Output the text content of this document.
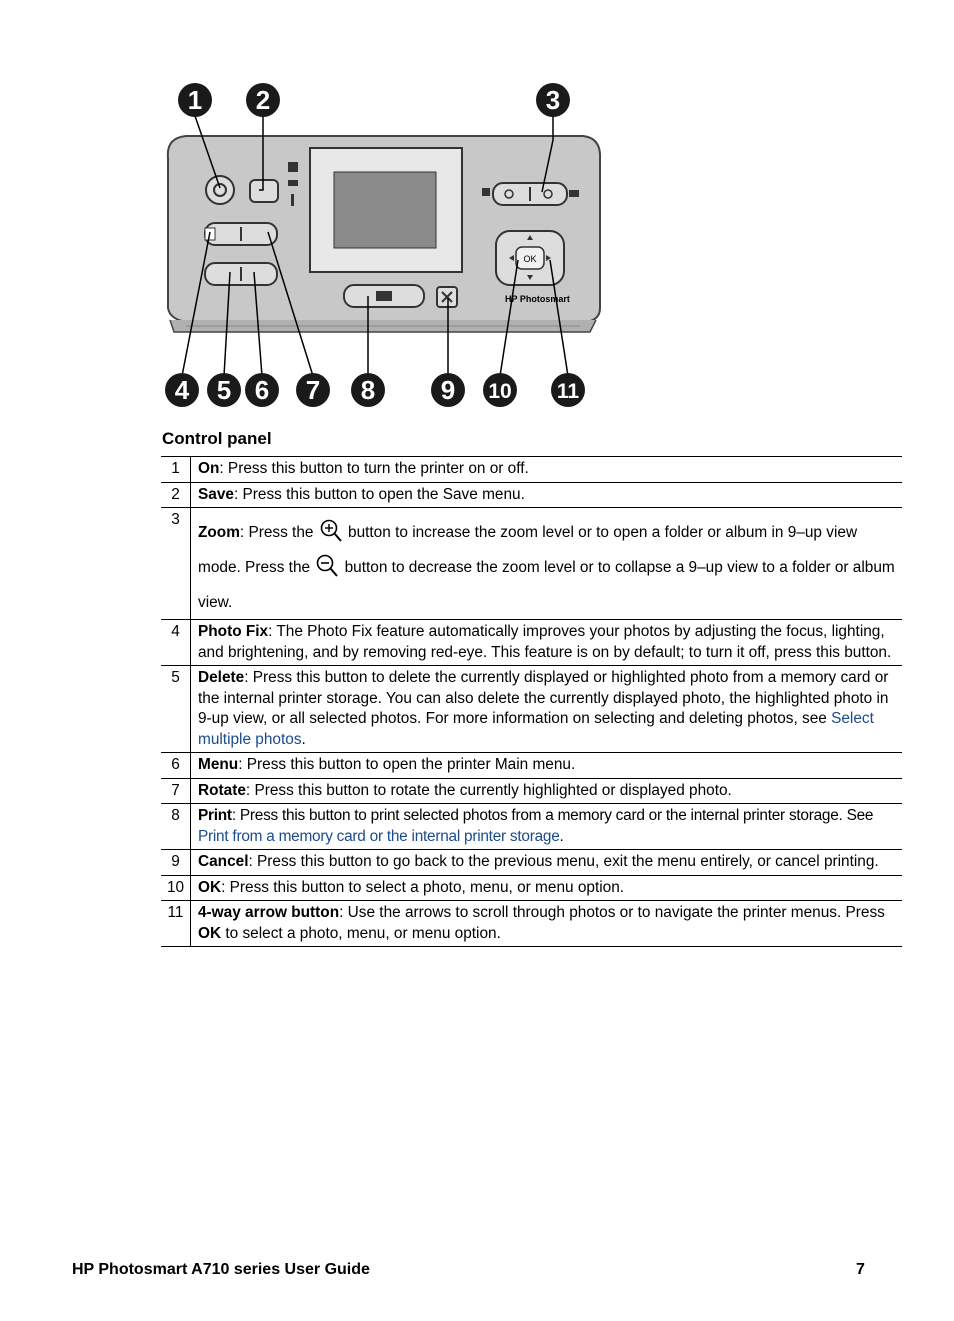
OK
HP Photosmart
1 2	3
4 5 6 7 8	9 10 11
Control panel
1	On: Press this button to turn the printer on or off.
2	Save: Press this button to open the Save menu.
3	Zoom: Press the  button to increase the zoom level or to open a folder or album in 9–up view mode. Press the  button to decrease the zoom level or to collapse a 9–up view to a folder or album view.
4	Photo Fix: The Photo Fix feature automatically improves your photos by adjusting the focus, lighting, and brightening, and by removing red-eye. This feature is on by default; to turn it off, press this button.
5	Delete: Press this button to delete the currently displayed or highlighted photo from a memory card or the internal printer storage. You can also delete the currently displayed photo, the highlighted photo in 9-up view, or all selected photos. For more information on selecting and deleting photos, see Select multiple photos.
6	Menu: Press this button to open the printer Main menu.
7	Rotate: Press this button to rotate the currently highlighted or displayed photo.
8	Print: Press this button to print selected photos from a memory card or the internal printer storage. See Print from a memory card or the internal printer storage.
9	Cancel: Press this button to go back to the previous menu, exit the menu entirely, or cancel printing.
10	OK: Press this button to select a photo, menu, or menu option.
11	4-way arrow button: Use the arrows to scroll through photos or to navigate the printer menus. Press OK to select a photo, menu, or menu option.
HP Photosmart A710 series User Guide	7
